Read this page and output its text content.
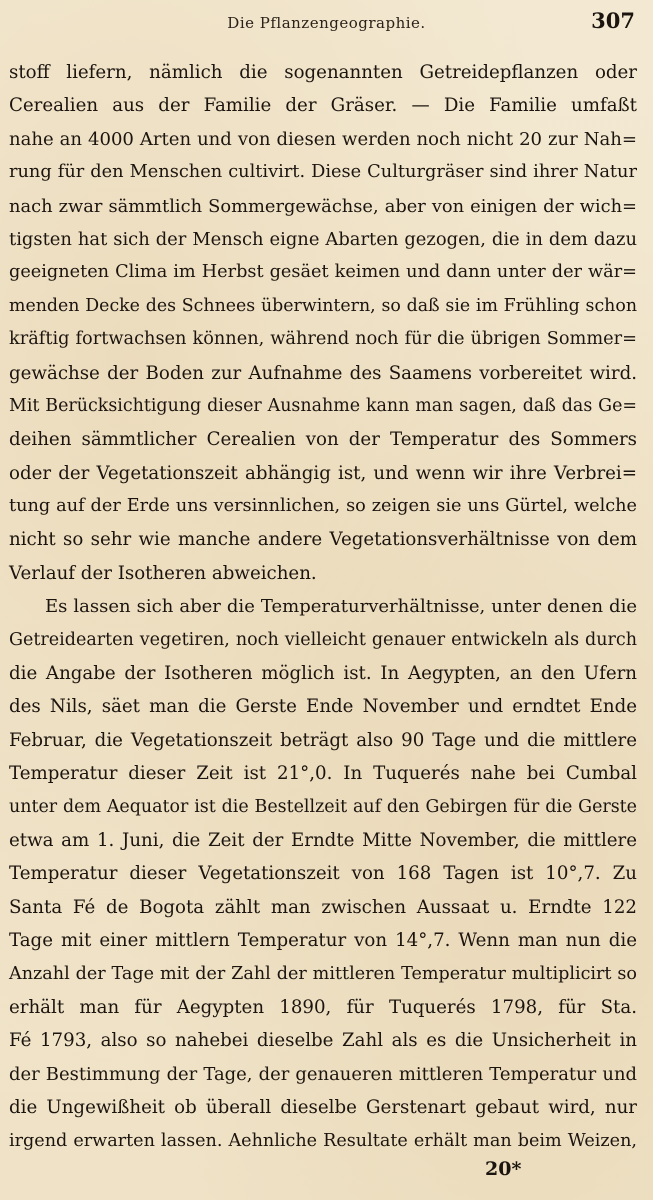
Die Pflanzengeographie.	307
stoff liefern, nämlich die sogenannten Getreidepflanzen oder
Cerealien aus der Familie der Gräser. — Die Familie umfaßt
nahe an 4000 Arten und von diesen werden noch nicht 20 zur Nah=
rung für den Menschen cultivirt. Diese Culturgräser sind ihrer Natur
nach zwar sämmtlich Sommergewächse, aber von einigen der wich=
tigsten hat sich der Mensch eigne Abarten gezogen, die in dem dazu
geeigneten Clima im Herbst gesäet keimen und dann unter der wär=
menden Decke des Schnees überwintern, so daß sie im Frühling schon
kräftig fortwachsen können, während noch für die übrigen Sommer=
gewächse der Boden zur Aufnahme des Saamens vorbereitet wird.
Mit Berücksichtigung dieser Ausnahme kann man sagen, daß das Ge=
deihen sämmtlicher Cerealien von der Temperatur des Sommers
oder der Vegetationszeit abhängig ist, und wenn wir ihre Verbrei=
tung auf der Erde uns versinnlichen, so zeigen sie uns Gürtel, welche
nicht so sehr wie manche andere Vegetationsverhältnisse von dem
Verlauf der Isotheren abweichen.
Es lassen sich aber die Temperaturverhältnisse, unter denen die
Getreidearten vegetiren, noch vielleicht genauer entwickeln als durch
die Angabe der Isotheren möglich ist. In Aegypten, an den Ufern
des Nils, säet man die Gerste Ende November und erndtet Ende
Februar, die Vegetationszeit beträgt also 90 Tage und die mittlere
Temperatur dieser Zeit ist 21°,0. In Tuquerés nahe bei Cumbal
unter dem Aequator ist die Bestellzeit auf den Gebirgen für die Gerste
etwa am 1. Juni, die Zeit der Erndte Mitte November, die mittlere
Temperatur dieser Vegetationszeit von 168 Tagen ist 10°,7. Zu
Santa Fé de Bogota zählt man zwischen Aussaat u. Erndte 122
Tage mit einer mittlern Temperatur von 14°,7. Wenn man nun die
Anzahl der Tage mit der Zahl der mittleren Temperatur multiplicirt so
erhält man für Aegypten 1890, für Tuquerés 1798, für Sta.
Fé 1793, also so nahebei dieselbe Zahl als es die Unsicherheit in
der Bestimmung der Tage, der genaueren mittleren Temperatur und
die Ungewißheit ob überall dieselbe Gerstenart gebaut wird, nur
irgend erwarten lassen. Aehnliche Resultate erhält man beim Weizen,
20*
